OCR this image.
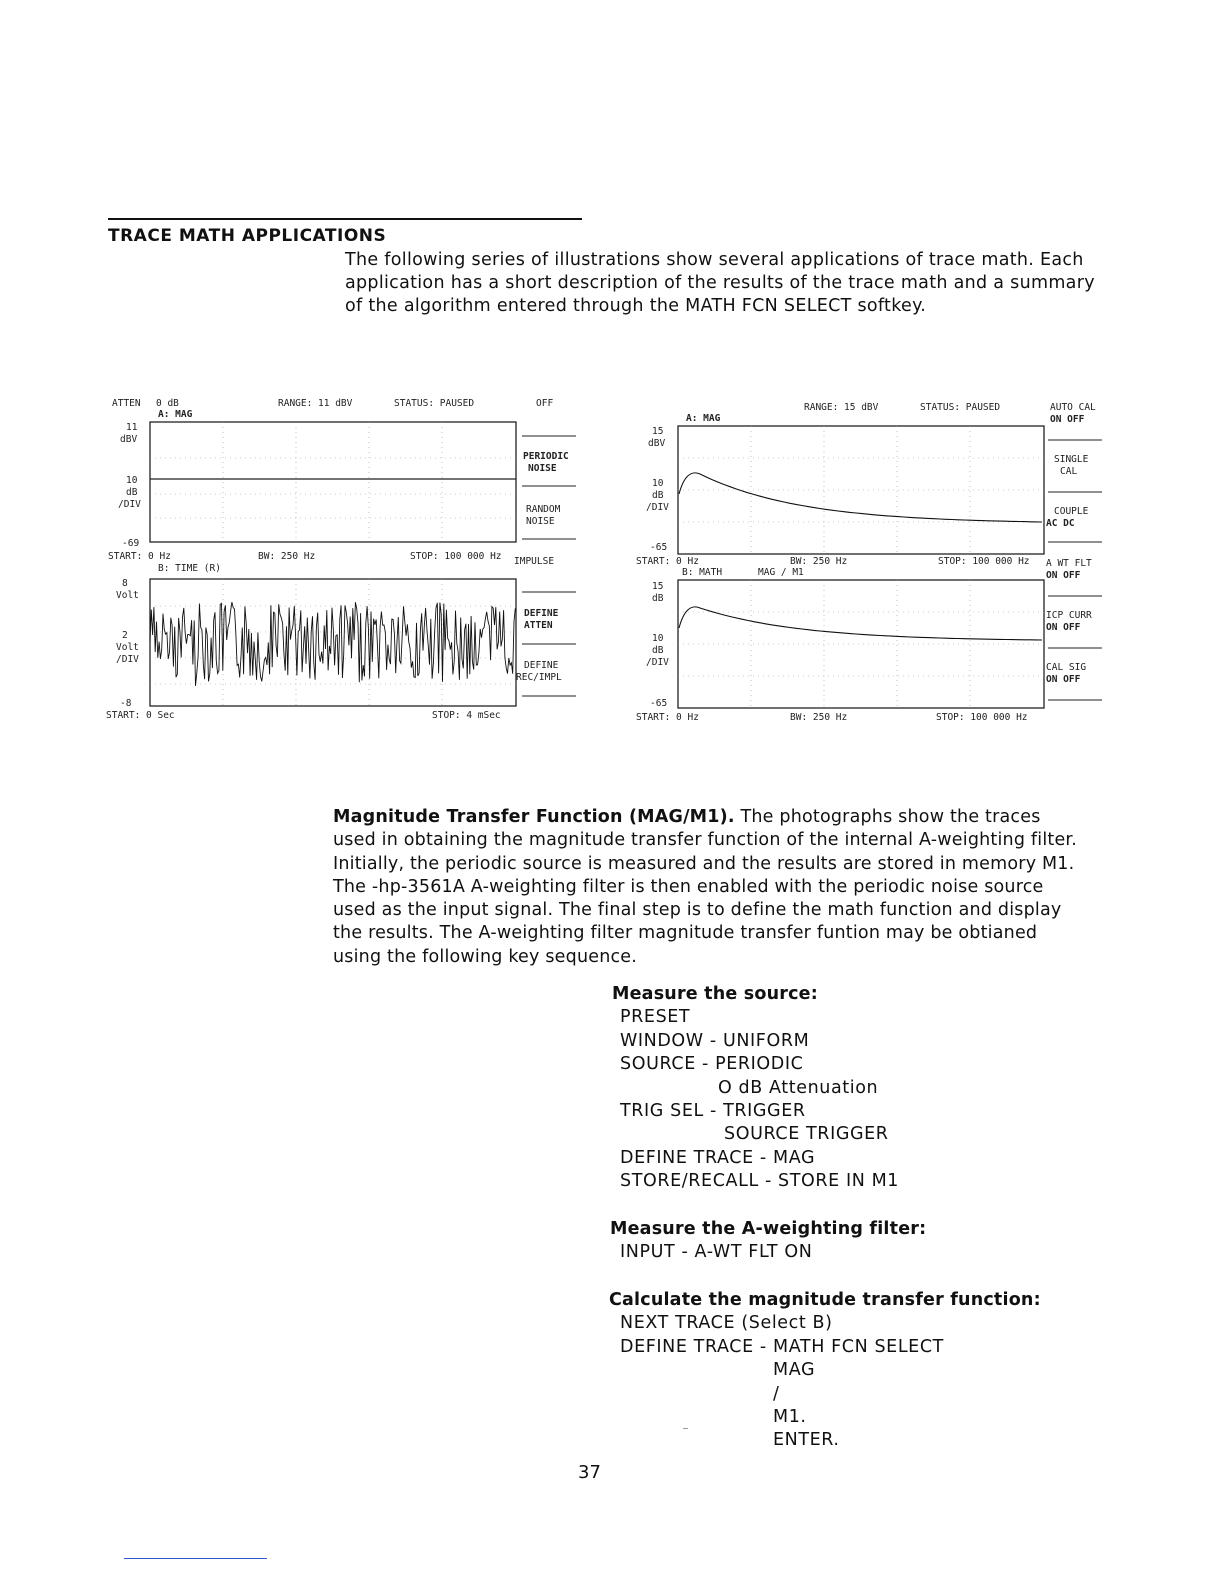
TRACE MATH APPLICATIONS

The following series of illustrations show several applications of trace math. Each application has a short description of the results of the trace math and a summary of the algorithm entered through the MATH FCN SELECT softkey.

ATTEN 0 dB	RANGE: 11 dBV	STATUS: PAUSED	OFF
A: MAG
11
dBV
10
dB
/DIV
-69
START: 0 Hz	BW: 250 Hz	STOP: 100 000 Hz
B: TIME (R)
8
Volt
2
Volt
/DIV
-8
START: 0 Sec	STOP: 4 mSec
PERIODIC
NOISE
RANDOM
NOISE
IMPULSE
DEFINE
ATTEN
DEFINE
REC/IMPL
RANGE: 15 dBV	STATUS: PAUSED
A: MAG
15
dBV
10
dB
/DIV
-65
START: 0 Hz	BW: 250 Hz	STOP: 100 000 Hz
B: MATH	MAG / M1
15
dB
10
dB
/DIV
-65
START: 0 Hz	BW: 250 Hz	STOP: 100 000 Hz
AUTO CAL
ON OFF
SINGLE
CAL
COUPLE
AC DC
A WT FLT
ON OFF
ICP CURR
ON OFF
CAL SIG
ON OFF

Magnitude Transfer Function (MAG/M1). The photographs show the traces used in obtaining the magnitude transfer function of the internal A-weighting filter. Initially, the periodic source is measured and the results are stored in memory M1. The -hp-3561A A-weighting filter is then enabled with the periodic noise source used as the input signal. The final step is to define the math function and display the results. The A-weighting filter magnitude transfer funtion may be obtianed using the following key sequence.

Measure the source:
PRESET
WINDOW - UNIFORM
SOURCE - PERIODIC
O dB Attenuation
TRIG SEL - TRIGGER
SOURCE TRIGGER
DEFINE TRACE - MAG
STORE/RECALL - STORE IN M1
Measure the A-weighting filter:
INPUT - A-WT FLT ON
Calculate the magnitude transfer function:
NEXT TRACE (Select B)
DEFINE TRACE - MATH FCN SELECT
MAG
/
M1.
ENTER.
37
